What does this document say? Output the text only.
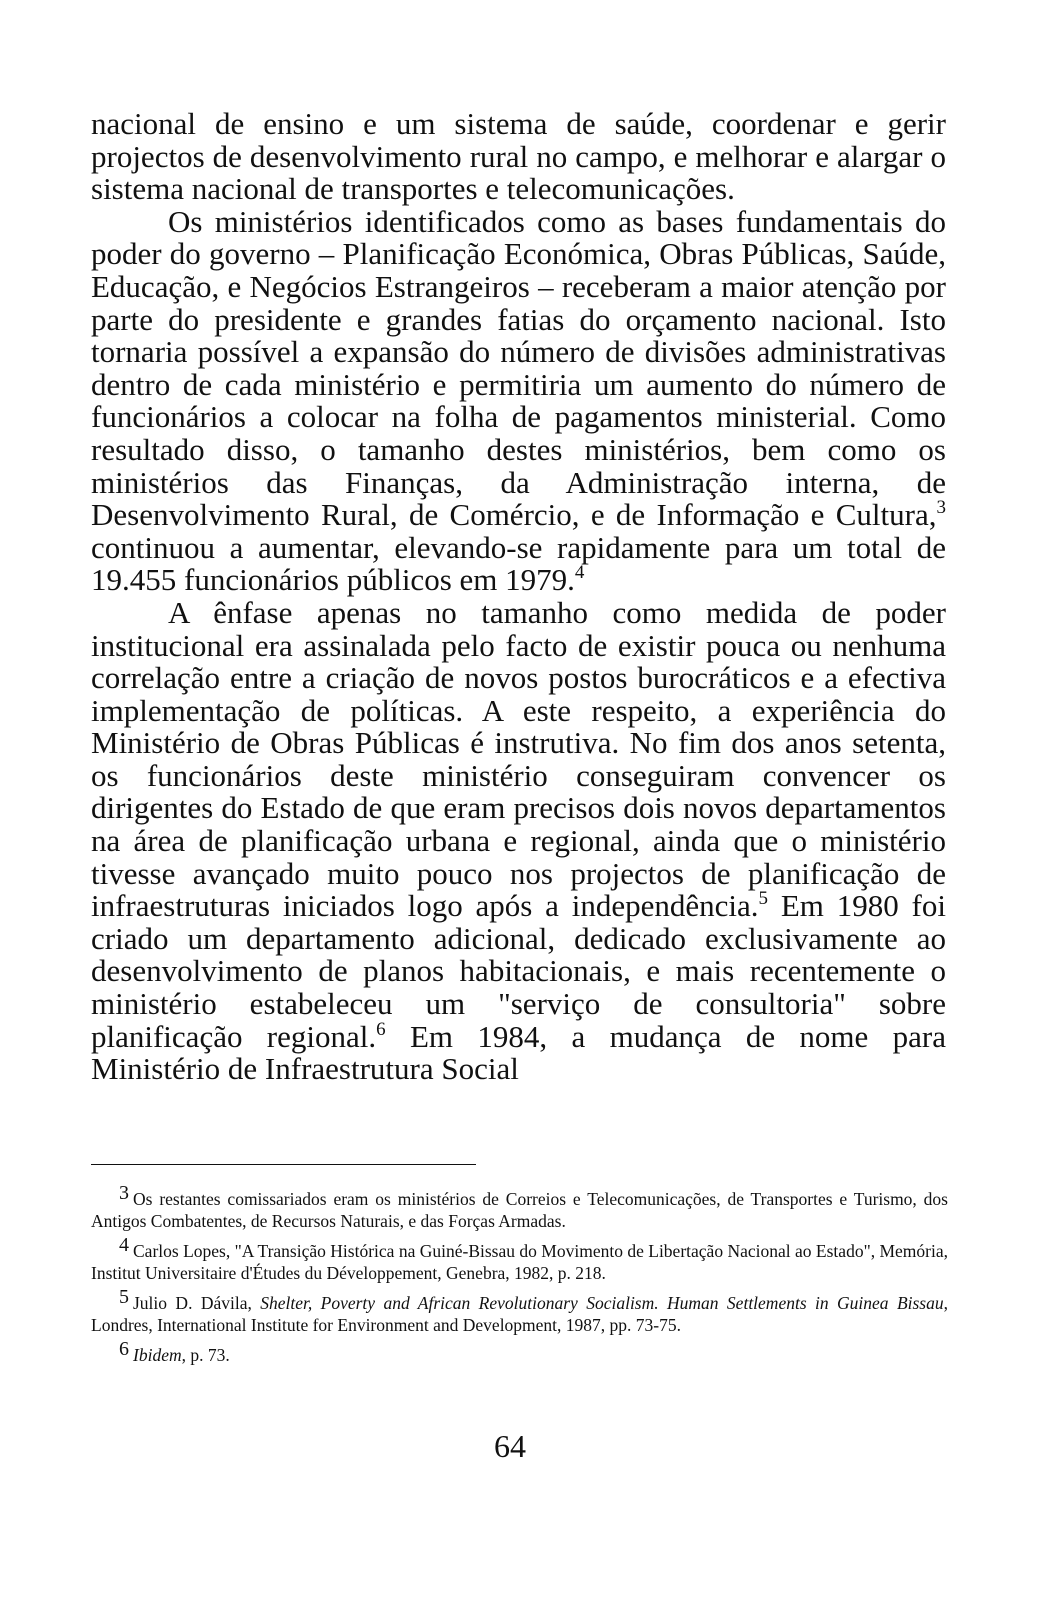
nacional de ensino e um sistema de saúde, coordenar e gerir projectos de desenvolvimento rural no campo, e melhorar e alargar o sistema nacional de transportes e telecomunicações.

Os ministérios identificados como as bases fundamentais do poder do governo – Planificação Económica, Obras Públicas, Saúde, Educação, e Negócios Estrangeiros – receberam a maior atenção por parte do presidente e grandes fatias do orçamento nacional. Isto tornaria possível a expansão do número de divisões administrativas dentro de cada ministério e permitiria um aumento do número de funcionários a colocar na folha de pagamentos ministerial. Como resultado disso, o tamanho destes ministérios, bem como os ministérios das Finanças, da Administração interna, de Desenvolvimento Rural, de Comércio, e de Informação e Cultura,$^3$ continuou a aumentar, elevando-se rapidamente para um total de 19.455 funcionários públicos em 1979.$^4$

A ênfase apenas no tamanho como medida de poder institucional era assinalada pelo facto de existir pouca ou nenhuma correlação entre a criação de novos postos burocráticos e a efectiva implementação de políticas. A este respeito, a experiência do Ministério de Obras Públicas é instrutiva. No fim dos anos setenta, os funcionários deste ministério conseguiram convencer os dirigentes do Estado de que eram precisos dois novos departamentos na área de planificação urbana e regional, ainda que o ministério tivesse avançado muito pouco nos projectos de planificação de infraestruturas iniciados logo após a independência.$^5$ Em 1980 foi criado um departamento adicional, dedicado exclusivamente ao desenvolvimento de planos habitacionais, e mais recentemente o ministério estabeleceu um "serviço de consultoria" sobre planificação regional.$^6$ Em 1984, a mudança de nome para Ministério de Infraestrutura Social

3 Os restantes comissariados eram os ministérios de Correios e Telecomunicações, de Transportes e Turismo, dos Antigos Combatentes, de Recursos Naturais, e das Forças Armadas.

4 Carlos Lopes, "A Transição Histórica na Guiné-Bissau do Movimento de Libertação Nacional ao Estado", Memória, Institut Universitaire d'Études du Développement, Genebra, 1982, p. 218.

5 Julio D. Dávila, Shelter, Poverty and African Revolutionary Socialism. Human Settlements in Guinea Bissau, Londres, International Institute for Environment and Development, 1987, pp. 73-75.

6 Ibidem, p. 73.

64
